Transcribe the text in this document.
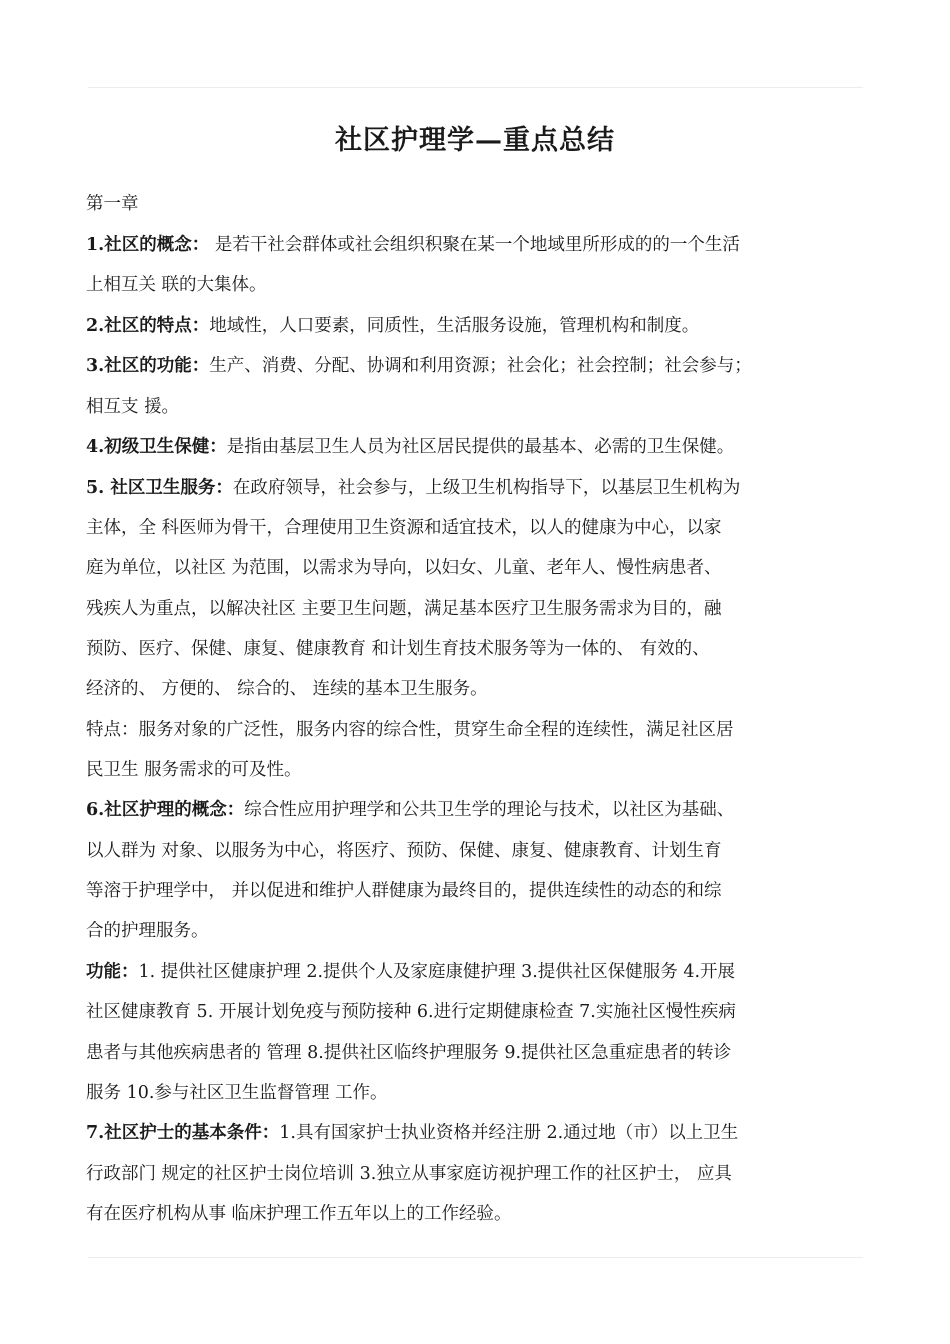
社区护理学—重点总结
第一章
1.社区的概念： 是若干社会群体或社会组织积聚在某一个地域里所形成的的一个生活
上相互关 联的大集体。
2.社区的特点：地域性，人口要素，同质性，生活服务设施，管理机构和制度。
3.社区的功能：生产、消费、分配、协调和利用资源；社会化；社会控制；社会参与；
相互支 援。
4.初级卫生保健：是指由基层卫生人员为社区居民提供的最基本、必需的卫生保健。
5. 社区卫生服务：在政府领导，社会参与，上级卫生机构指导下，以基层卫生机构为
主体，全 科医师为骨干，合理使用卫生资源和适宜技术，以人的健康为中心，以家
庭为单位，以社区 为范围，以需求为导向，以妇女、儿童、老年人、慢性病患者、
残疾人为重点，以解决社区 主要卫生问题，满足基本医疗卫生服务需求为目的，融
预防、医疗、保健、康复、健康教育 和计划生育技术服务等为一体的、 有效的、
经济的、 方便的、 综合的、 连续的基本卫生服务。
特点：服务对象的广泛性，服务内容的综合性，贯穿生命全程的连续性，满足社区居
民卫生 服务需求的可及性。
6.社区护理的概念：综合性应用护理学和公共卫生学的理论与技术，以社区为基础、
以人群为 对象、以服务为中心，将医疗、预防、保健、康复、健康教育、计划生育
等溶于护理学中， 并以促进和维护人群健康为最终目的，提供连续性的动态的和综
合的护理服务。
功能：1. 提供社区健康护理 2.提供个人及家庭康健护理 3.提供社区保健服务 4.开展
社区健康教育 5. 开展计划免疫与预防接种 6.进行定期健康检查 7.实施社区慢性疾病
患者与其他疾病患者的 管理 8.提供社区临终护理服务 9.提供社区急重症患者的转诊
服务 10.参与社区卫生监督管理 工作。
7.社区护士的基本条件：1.具有国家护士执业资格并经注册 2.通过地（市）以上卫生
行政部门 规定的社区护士岗位培训 3.独立从事家庭访视护理工作的社区护士， 应具
有在医疗机构从事 临床护理工作五年以上的工作经验。
